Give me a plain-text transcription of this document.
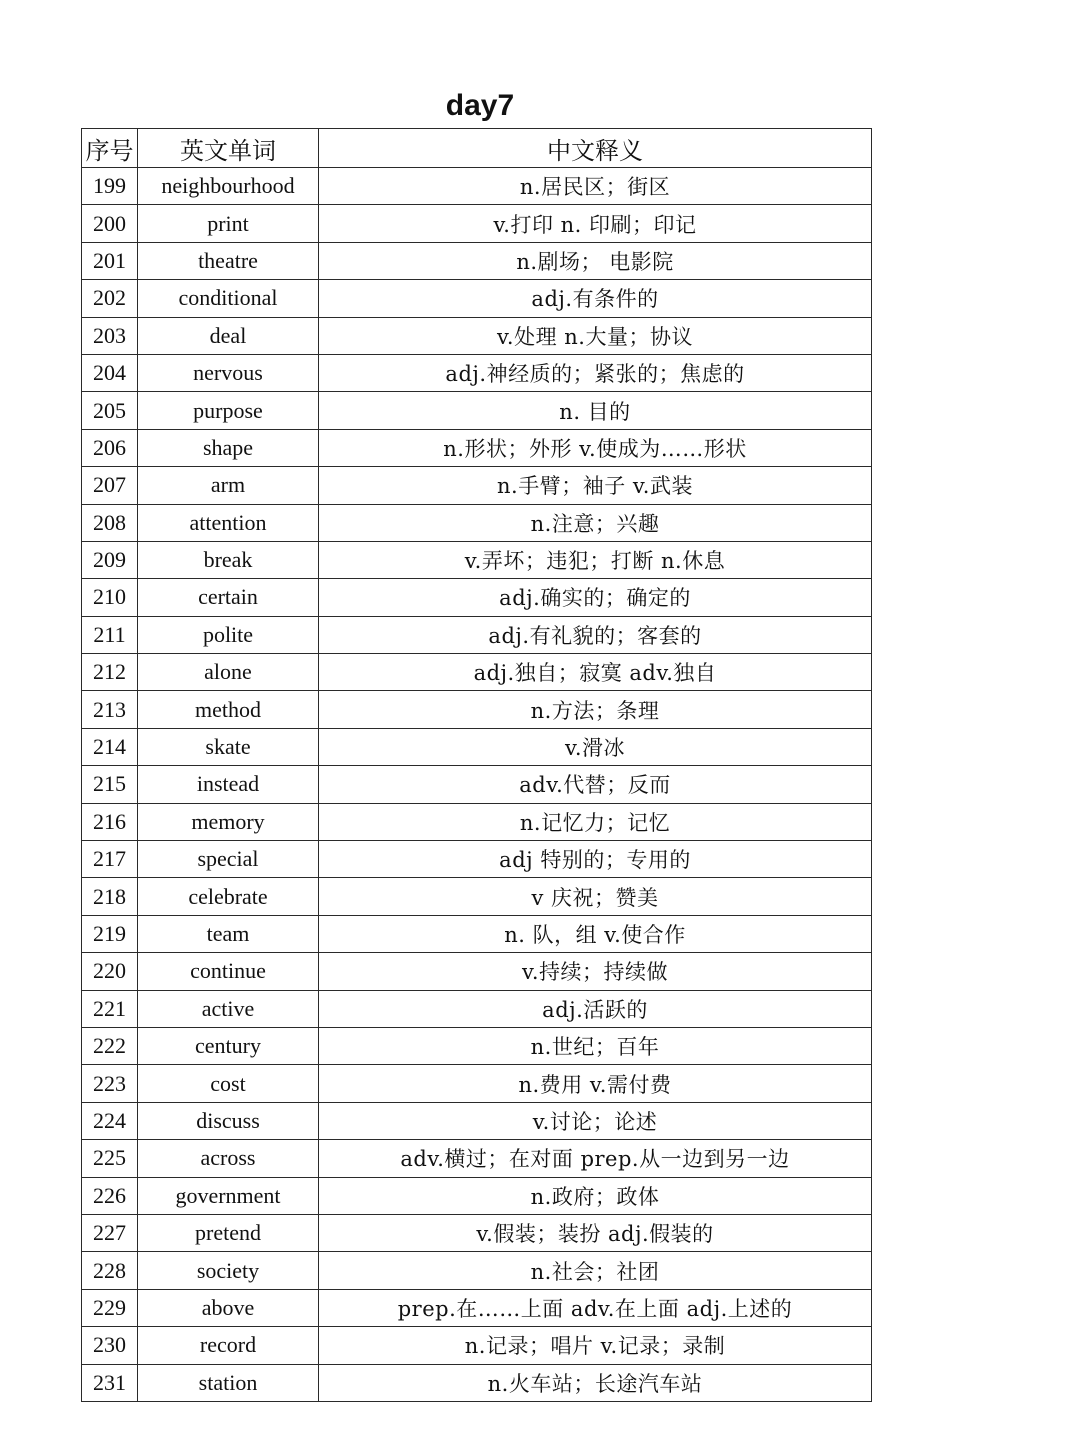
day7
序号	英文单词	中文释义
199	neighbourhood	n.居民区；街区
200	print	v.打印 n. 印刷；印记
201	theatre	n.剧场； 电影院
202	conditional	adj.有条件的
203	deal	v.处理 n.大量；协议
204	nervous	adj.神经质的；紧张的；焦虑的
205	purpose	n. 目的
206	shape	n.形状；外形 v.使成为……形状
207	arm	n.手臂；袖子 v.武装
208	attention	n.注意；兴趣
209	break	v.弄坏；违犯；打断 n.休息
210	certain	adj.确实的；确定的
211	polite	adj.有礼貌的；客套的
212	alone	adj.独自；寂寞 adv.独自
213	method	n.方法；条理
214	skate	v.滑冰
215	instead	adv.代替；反而
216	memory	n.记忆力；记忆
217	special	adj 特别的；专用的
218	celebrate	v 庆祝；赞美
219	team	n. 队，组 v.使合作
220	continue	v.持续；持续做
221	active	adj.活跃的
222	century	n.世纪；百年
223	cost	n.费用 v.需付费
224	discuss	v.讨论；论述
225	across	adv.横过；在对面 prep.从一边到另一边
226	government	n.政府；政体
227	pretend	v.假装；装扮 adj.假装的
228	society	n.社会；社团
229	above	prep.在……上面 adv.在上面 adj.上述的
230	record	n.记录；唱片 v.记录；录制
231	station	n.火车站；长途汽车站
